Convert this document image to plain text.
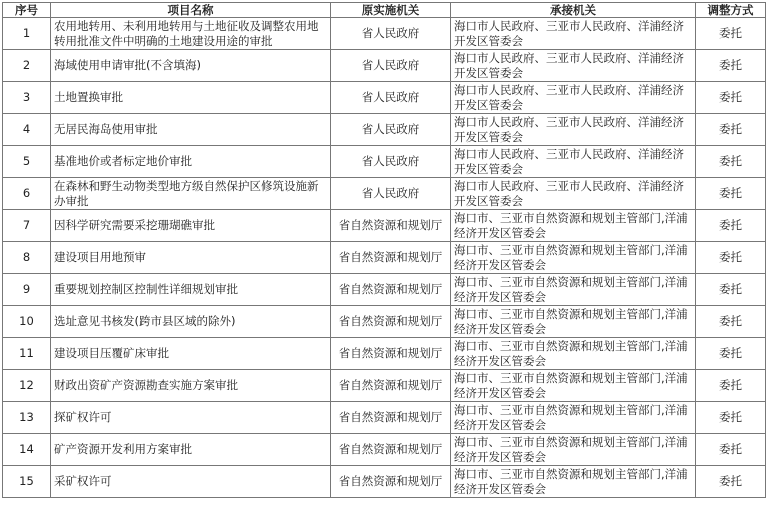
序号	项目名称	原实施机关	承接机关	调整方式
1	农用地转用、未利用地转用与土地征收及调整农用地转用批准文件中明确的土地建设用途的审批	省人民政府	海口市人民政府、三亚市人民政府、洋浦经济开发区管委会	委托
2	海域使用申请审批(不含填海)	省人民政府	海口市人民政府、三亚市人民政府、洋浦经济开发区管委会	委托
3	土地置换审批	省人民政府	海口市人民政府、三亚市人民政府、洋浦经济开发区管委会	委托
4	无居民海岛使用审批	省人民政府	海口市人民政府、三亚市人民政府、洋浦经济开发区管委会	委托
5	基准地价或者标定地价审批	省人民政府	海口市人民政府、三亚市人民政府、洋浦经济开发区管委会	委托
6	在森林和野生动物类型地方级自然保护区修筑设施新办审批	省人民政府	海口市人民政府、三亚市人民政府、洋浦经济开发区管委会	委托
7	因科学研究需要采挖珊瑚礁审批	省自然资源和规划厅	海口市、三亚市自然资源和规划主管部门,洋浦经济开发区管委会	委托
8	建设项目用地预审	省自然资源和规划厅	海口市、三亚市自然资源和规划主管部门,洋浦经济开发区管委会	委托
9	重要规划控制区控制性详细规划审批	省自然资源和规划厅	海口市、三亚市自然资源和规划主管部门,洋浦经济开发区管委会	委托
10	选址意见书核发(跨市县区域的除外)	省自然资源和规划厅	海口市、三亚市自然资源和规划主管部门,洋浦经济开发区管委会	委托
11	建设项目压覆矿床审批	省自然资源和规划厅	海口市、三亚市自然资源和规划主管部门,洋浦经济开发区管委会	委托
12	财政出资矿产资源勘查实施方案审批	省自然资源和规划厅	海口市、三亚市自然资源和规划主管部门,洋浦经济开发区管委会	委托
13	探矿权许可	省自然资源和规划厅	海口市、三亚市自然资源和规划主管部门,洋浦经济开发区管委会	委托
14	矿产资源开发利用方案审批	省自然资源和规划厅	海口市、三亚市自然资源和规划主管部门,洋浦经济开发区管委会	委托
15	采矿权许可	省自然资源和规划厅	海口市、三亚市自然资源和规划主管部门,洋浦经济开发区管委会	委托
